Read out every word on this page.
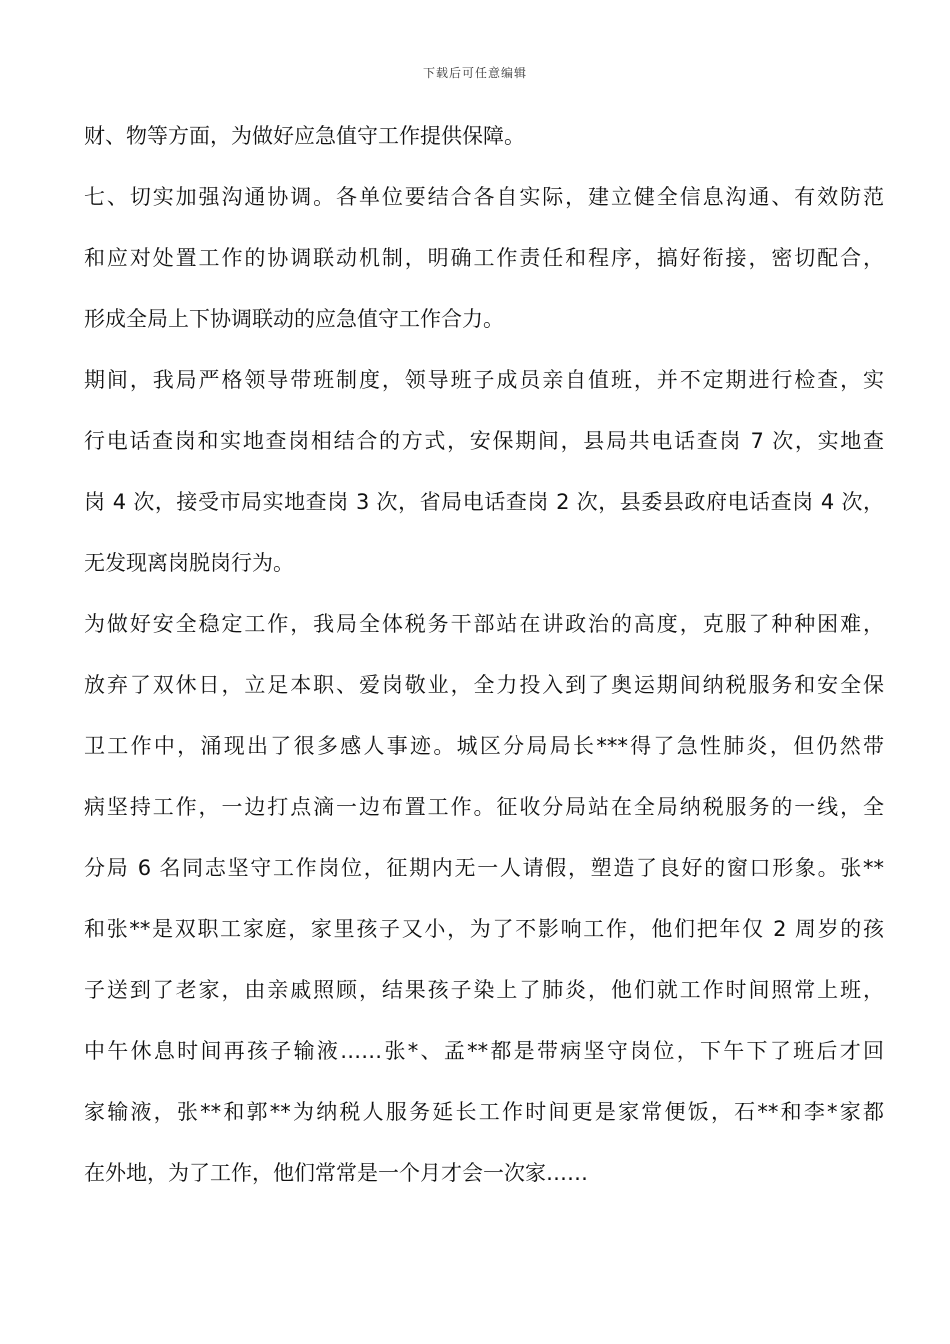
下载后可任意编辑
财、物等方面，为做好应急值守工作提供保障。
七、切实加强沟通协调。各单位要结合各自实际，建立健全信息沟通、有效防范
和应对处置工作的协调联动机制，明确工作责任和程序，搞好衔接，密切配合，
形成全局上下协调联动的应急值守工作合力。
期间，我局严格领导带班制度，领导班子成员亲自值班，并不定期进行检查，实
行电话查岗和实地查岗相结合的方式，安保期间，县局共电话查岗 7 次，实地查
岗 4 次，接受市局实地查岗 3 次，省局电话查岗 2 次，县委县政府电话查岗 4 次，
无发现离岗脱岗行为。
为做好安全稳定工作，我局全体税务干部站在讲政治的高度，克服了种种困难，
放弃了双休日，立足本职、爱岗敬业，全力投入到了奥运期间纳税服务和安全保
卫工作中，涌现出了很多感人事迹。城区分局局长***得了急性肺炎，但仍然带
病坚持工作，一边打点滴一边布置工作。征收分局站在全局纳税服务的一线，全
分局 6 名同志坚守工作岗位，征期内无一人请假，塑造了良好的窗口形象。张**
和张**是双职工家庭，家里孩子又小，为了不影响工作，他们把年仅 2 周岁的孩
子送到了老家，由亲戚照顾，结果孩子染上了肺炎，他们就工作时间照常上班，
中午休息时间再孩子输液……张*、孟**都是带病坚守岗位，下午下了班后才回
家输液，张**和郭**为纳税人服务延长工作时间更是家常便饭，石**和李*家都
在外地，为了工作，他们常常是一个月才会一次家……
